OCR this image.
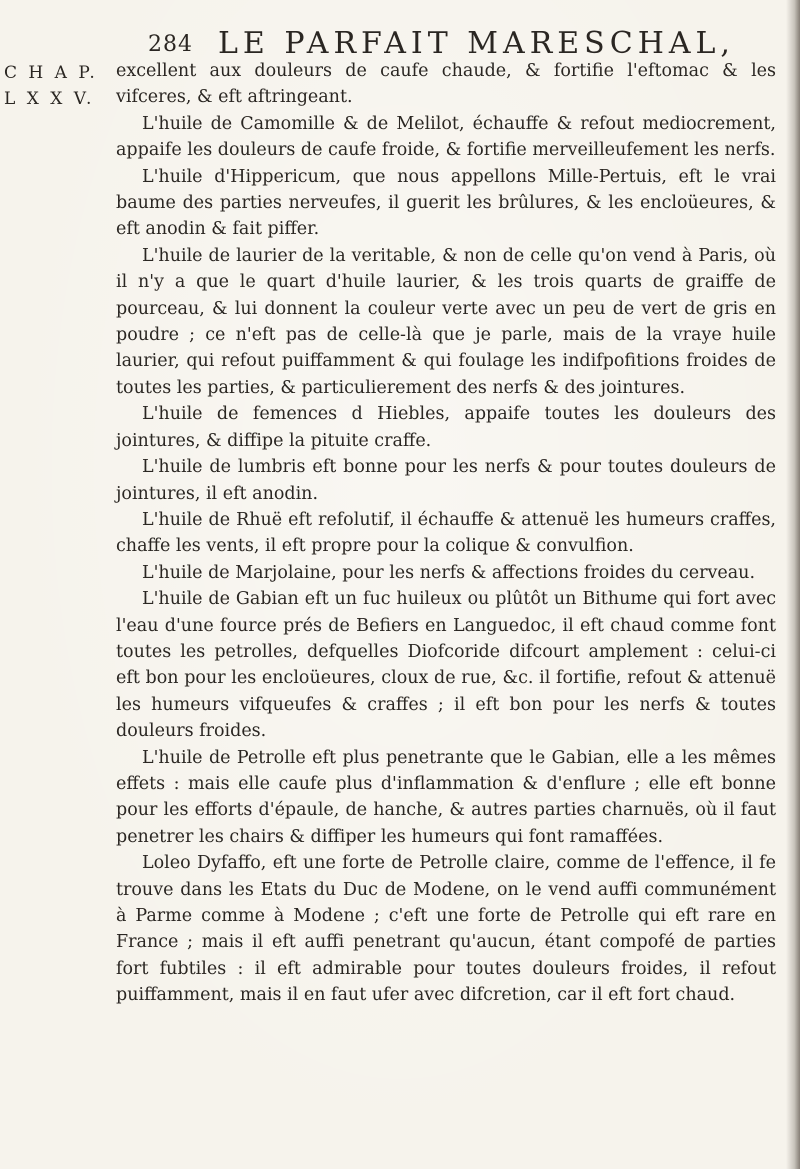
284 LE PARFAIT MARESCHAL,
C H A P.
L X X V.

excellent aux douleurs de caufe chaude, & fortifie l'eftomac & les vifceres, & eft aftringeant.

L'huile de Camomille & de Melilot, échauffe & refout mediocrement, appaife les douleurs de caufe froide, & fortifie merveilleufement les nerfs.

L'huile d'Hippericum, que nous appellons Mille-Pertuis, eft le vrai baume des parties nerveufes, il guerit les brûlures, & les encloüeures, & eft anodin & fait piffer.

L'huile de laurier de la veritable, & non de celle qu'on vend à Paris, où il n'y a que le quart d'huile laurier, & les trois quarts de graiffe de pourceau, & lui donnent la couleur verte avec un peu de vert de gris en poudre ; ce n'eft pas de celle-là que je parle, mais de la vraye huile laurier, qui refout puiffamment & qui foulage les indifpofitions froides de toutes les parties, & particulierement des nerfs & des jointures.

L'huile de femences d Hiebles, appaife toutes les douleurs des jointures, & diffipe la pituite craffe.

L'huile de lumbris eft bonne pour les nerfs & pour toutes douleurs de jointures, il eft anodin.

L'huile de Rhuë eft refolutif, il échauffe & attenuë les humeurs craffes, chaffe les vents, il eft propre pour la colique & convulfion.

L'huile de Marjolaine, pour les nerfs & affections froides du cerveau.

L'huile de Gabian eft un fuc huileux ou plûtôt un Bithume qui fort avec l'eau d'une fource prés de Befiers en Languedoc, il eft chaud comme font toutes les petrolles, defquelles Diofcoride difcourt amplement : celui-ci eft bon pour les encloüeures, cloux de rue, &c. il fortifie, refout & attenuë les humeurs vifqueufes & craffes ; il eft bon pour les nerfs & toutes douleurs froides.

L'huile de Petrolle eft plus penetrante que le Gabian, elle a les mêmes effets : mais elle caufe plus d'inflammation & d'enflure ; elle eft bonne pour les efforts d'épaule, de hanche, & autres parties charnuës, où il faut penetrer les chairs & diffiper les humeurs qui font ramaffées.

Loleo Dyfaffo, eft une forte de Petrolle claire, comme de l'effence, il fe trouve dans les Etats du Duc de Modene, on le vend auffi communément à Parme comme à Modene ; c'eft une forte de Petrolle qui eft rare en France ; mais il eft auffi penetrant qu'aucun, étant compofé de parties fort fubtiles : il eft admirable pour toutes douleurs froides, il refout puiffamment, mais il en faut ufer avec difcretion, car il eft fort chaud.
